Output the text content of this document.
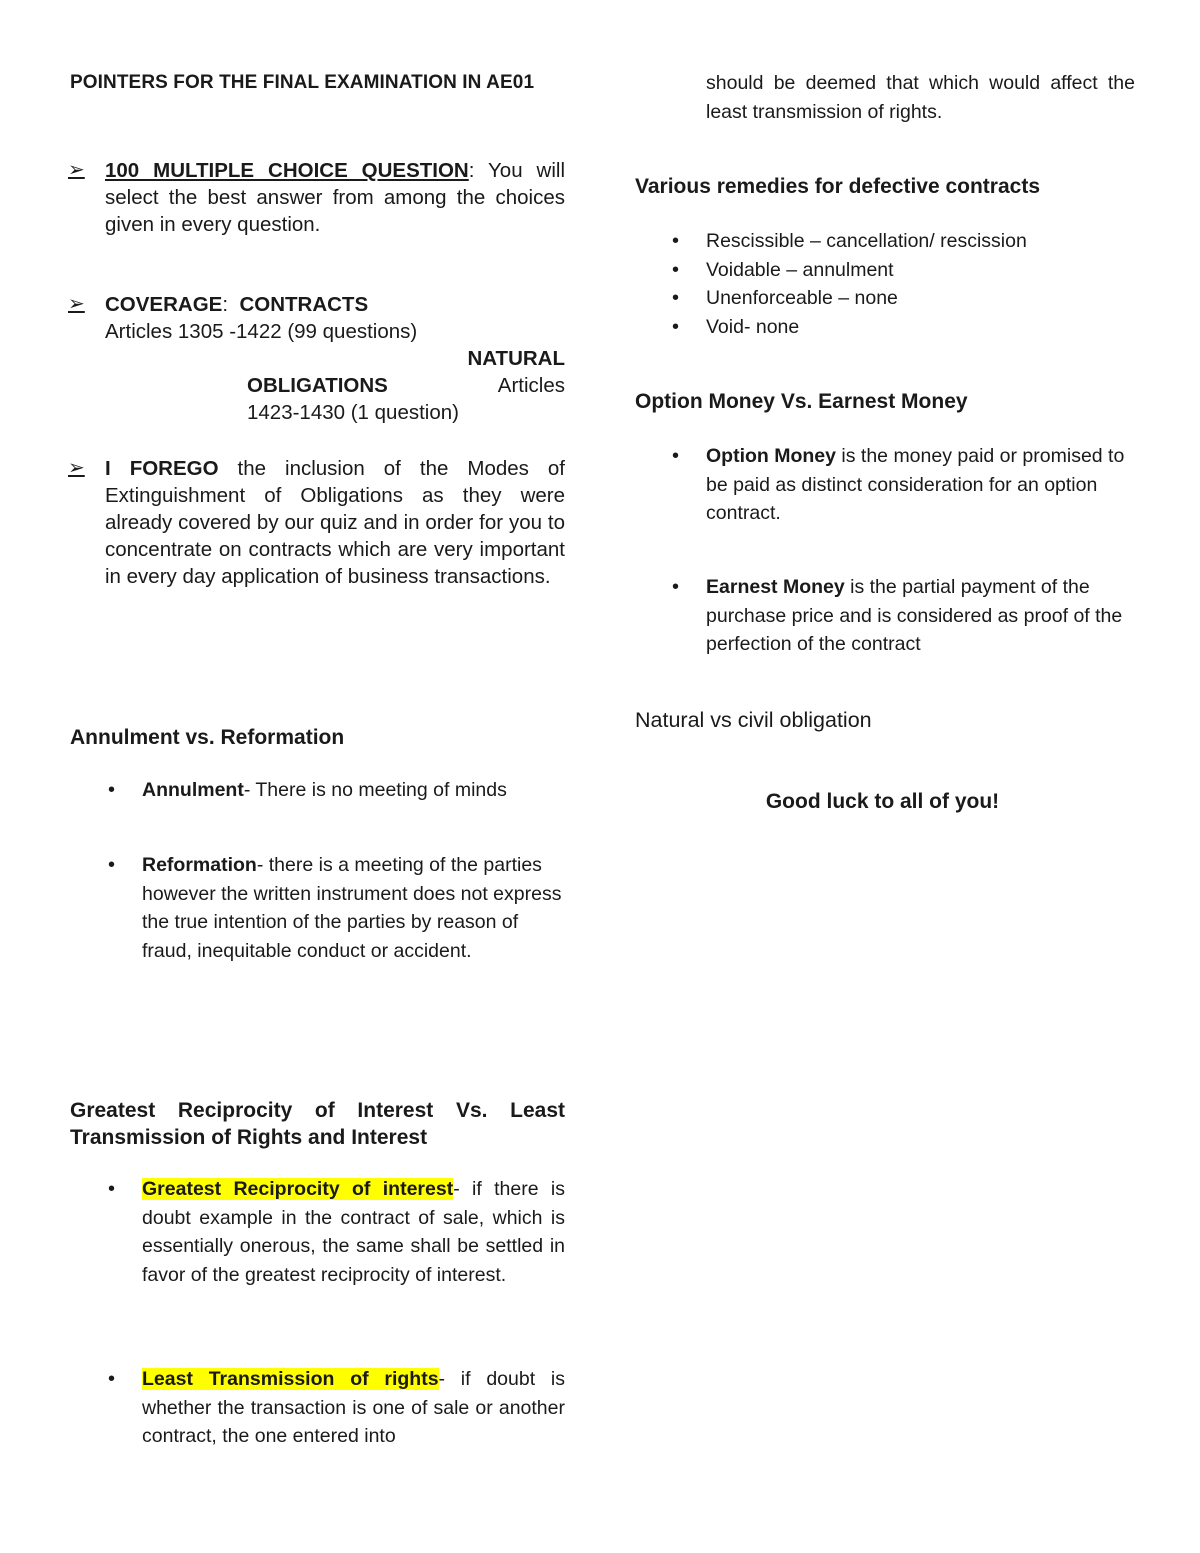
POINTERS FOR THE FINAL EXAMINATION IN AE01
➢ 100 MULTIPLE CHOICE QUESTION: You will select the best answer from among the choices given in every question.
➢ COVERAGE: CONTRACTS
Articles 1305 -1422 (99 questions)

NATURAL
OBLIGATIONS	Articles
1423-1430 (1 question)
➢ I FOREGO the inclusion of the Modes of Extinguishment of Obligations as they were already covered by our quiz and in order for you to concentrate on contracts which are very important in every day application of business transactions.
Annulment vs. Reformation
• Annulment- There is no meeting of minds
• Reformation- there is a meeting of the parties however the written instrument does not express the true intention of the parties by reason of fraud, inequitable conduct or accident.
Greatest Reciprocity of Interest Vs. Least Transmission of Rights and Interest
• Greatest Reciprocity of interest- if there is doubt example in the contract of sale, which is essentially onerous, the same shall be settled in favor of the greatest reciprocity of interest.
• Least Transmission of rights- if doubt is whether the transaction is one of sale or another contract, the one entered into
should be deemed that which would affect the least transmission of rights.
Various remedies for defective contracts
• Rescissible – cancellation/ rescission
• Voidable – annulment
• Unenforceable – none
• Void- none
Option Money Vs. Earnest Money
• Option Money is the money paid or promised to be paid as distinct consideration for an option contract.
• Earnest Money is the partial payment of the purchase price and is considered as proof of the perfection of the contract
Natural vs civil obligation
Good luck to all of you!
